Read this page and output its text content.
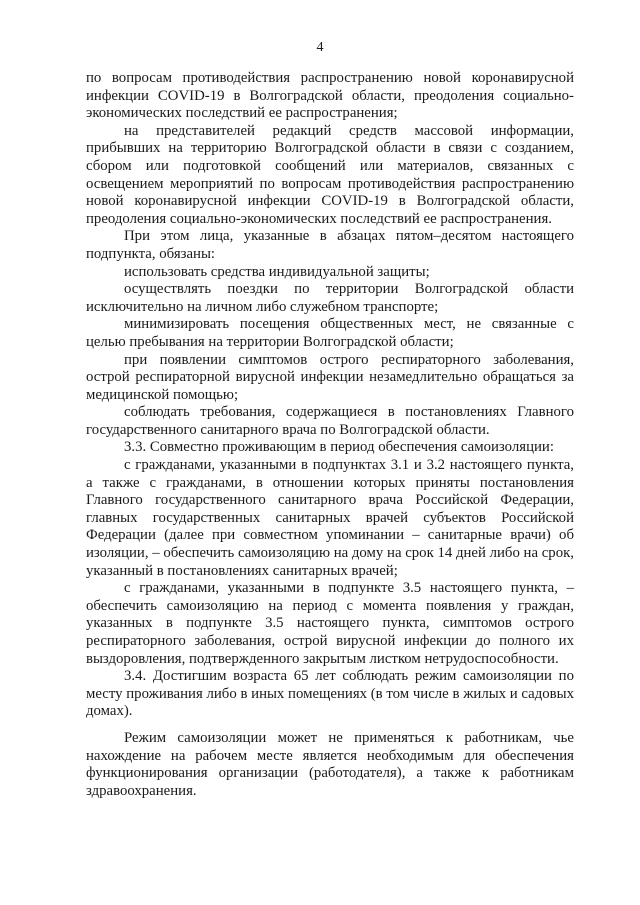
4

по вопросам противодействия распространению новой коронавирусной инфекции COVID-19 в Волгоградской области, преодоления социально-экономических последствий ее распространения;

на представителей редакций средств массовой информации, прибывших на территорию Волгоградской области в связи с созданием, сбором или подготовкой сообщений или материалов, связанных с освещением мероприятий по вопросам противодействия распространению новой коронавирусной инфекции COVID-19 в Волгоградской области, преодоления социально-экономических последствий ее распространения.

При этом лица, указанные в абзацах пятом–десятом настоящего подпункта, обязаны:

использовать средства индивидуальной защиты;

осуществлять поездки по территории Волгоградской области исключительно на личном либо служебном транспорте;

минимизировать посещения общественных мест, не связанные с целью пребывания на территории Волгоградской области;

при появлении симптомов острого респираторного заболевания, острой респираторной вирусной инфекции незамедлительно обращаться за медицинской помощью;

соблюдать требования, содержащиеся в постановлениях Главного государственного санитарного врача по Волгоградской области.

3.3. Совместно проживающим в период обеспечения самоизоляции:

с гражданами, указанными в подпунктах 3.1 и 3.2 настоящего пункта, а также с гражданами, в отношении которых приняты постановления Главного государственного санитарного врача Российской Федерации, главных государственных санитарных врачей субъектов Российской Федерации (далее при совместном упоминании – санитарные врачи) об изоляции, – обеспечить самоизоляцию на дому на срок 14 дней либо на срок, указанный в постановлениях санитарных врачей;

с гражданами, указанными в подпункте 3.5 настоящего пункта, – обеспечить самоизоляцию на период с момента появления у граждан, указанных в подпункте 3.5 настоящего пункта, симптомов острого респираторного заболевания, острой вирусной инфекции до полного их выздоровления, подтвержденного закрытым листком нетрудоспособности.

3.4. Достигшим возраста 65 лет соблюдать режим самоизоляции по месту проживания либо в иных помещениях (в том числе в жилых и садовых домах).

Режим самоизоляции может не применяться к работникам, чье нахождение на рабочем месте является необходимым для обеспечения функционирования организации (работодателя), а также к работникам здравоохранения.
